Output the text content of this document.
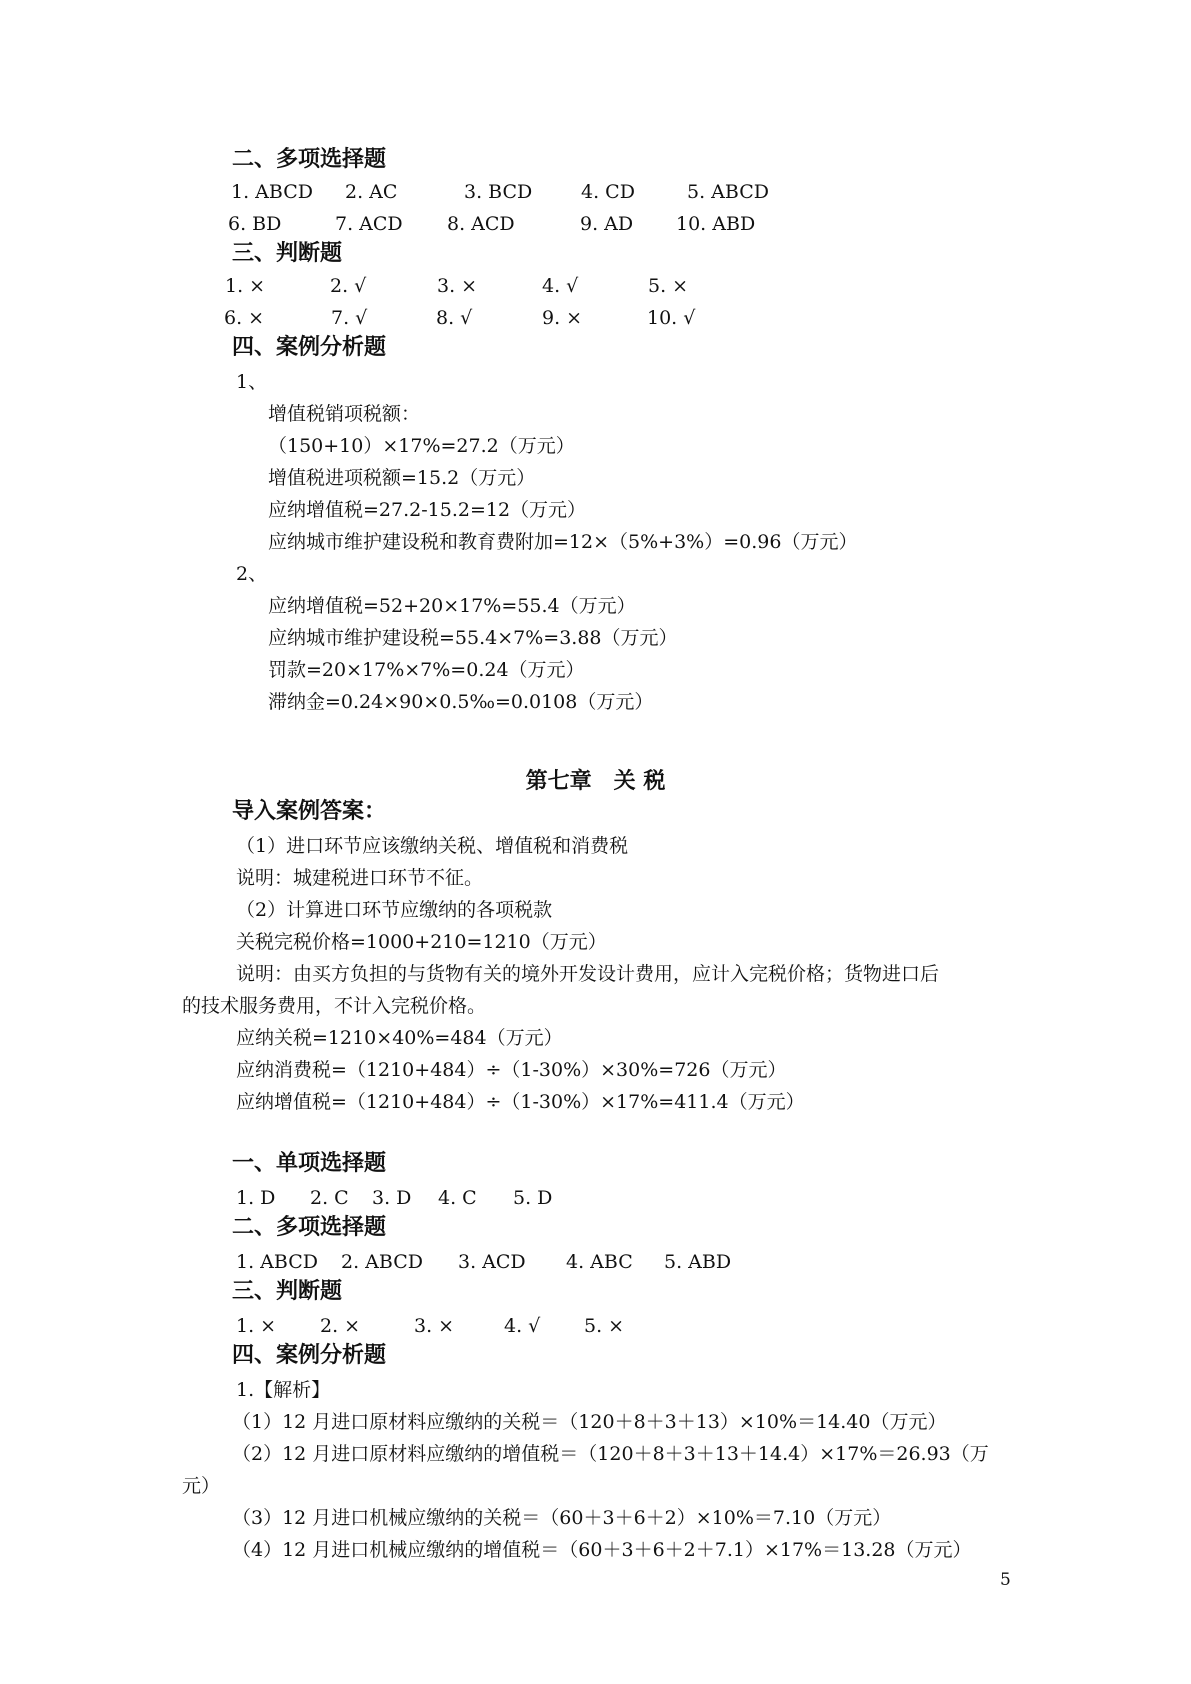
二、多项选择题
1. ABCD 2. AC	3. BCD	4. CD	5. ABCD
6. BD	7. ACD 8. ACD	9. AD 10. ABD
三、判断题
1. ×	2. √	3. ×	4. √	5. ×
6. ×	7. √	8. √	9. ×	10. √
四、案例分析题
1、
增值税销项税额：
（150+10）×17%=27.2（万元）
增值税进项税额=15.2（万元）
应纳增值税=27.2-15.2=12（万元）
应纳城市维护建设税和教育费附加=12×（5%+3%）=0.96（万元）
2、
应纳增值税=52+20×17%=55.4（万元）
应纳城市维护建设税=55.4×7%=3.88（万元）
罚款=20×17%×7%=0.24（万元）
滞纳金=0.24×90×0.5‰=0.0108（万元）
第七章　关 税
导入案例答案：
（1）进口环节应该缴纳关税、增值税和消费税
说明：城建税进口环节不征。
（2）计算进口环节应缴纳的各项税款
关税完税价格=1000+210=1210（万元）
说明：由买方负担的与货物有关的境外开发设计费用，应计入完税价格；货物进口后
的技术服务费用，不计入完税价格。
应纳关税=1210×40%=484（万元）
应纳消费税=（1210+484）÷（1-30%）×30%=726（万元）
应纳增值税=（1210+484）÷（1-30%）×17%=411.4（万元）
一、单项选择题
1. D 2. C 3. D 4. C 5. D
二、多项选择题
1. ABCD 2. ABCD 3. ACD 4. ABC 5. ABD
三、判断题
1. × 2. ×	3. ×	4. √ 5. ×
四、案例分析题
1.【解析】
（1）12 月进口原材料应缴纳的关税＝（120＋8＋3＋13）×10%＝14.40（万元）
（2）12 月进口原材料应缴纳的增值税＝（120＋8＋3＋13＋14.4）×17%＝26.93（万
元）
（3）12 月进口机械应缴纳的关税＝（60＋3＋6＋2）×10%＝7.10（万元）
（4）12 月进口机械应缴纳的增值税＝（60＋3＋6＋2＋7.1）×17%＝13.28（万元）
5
